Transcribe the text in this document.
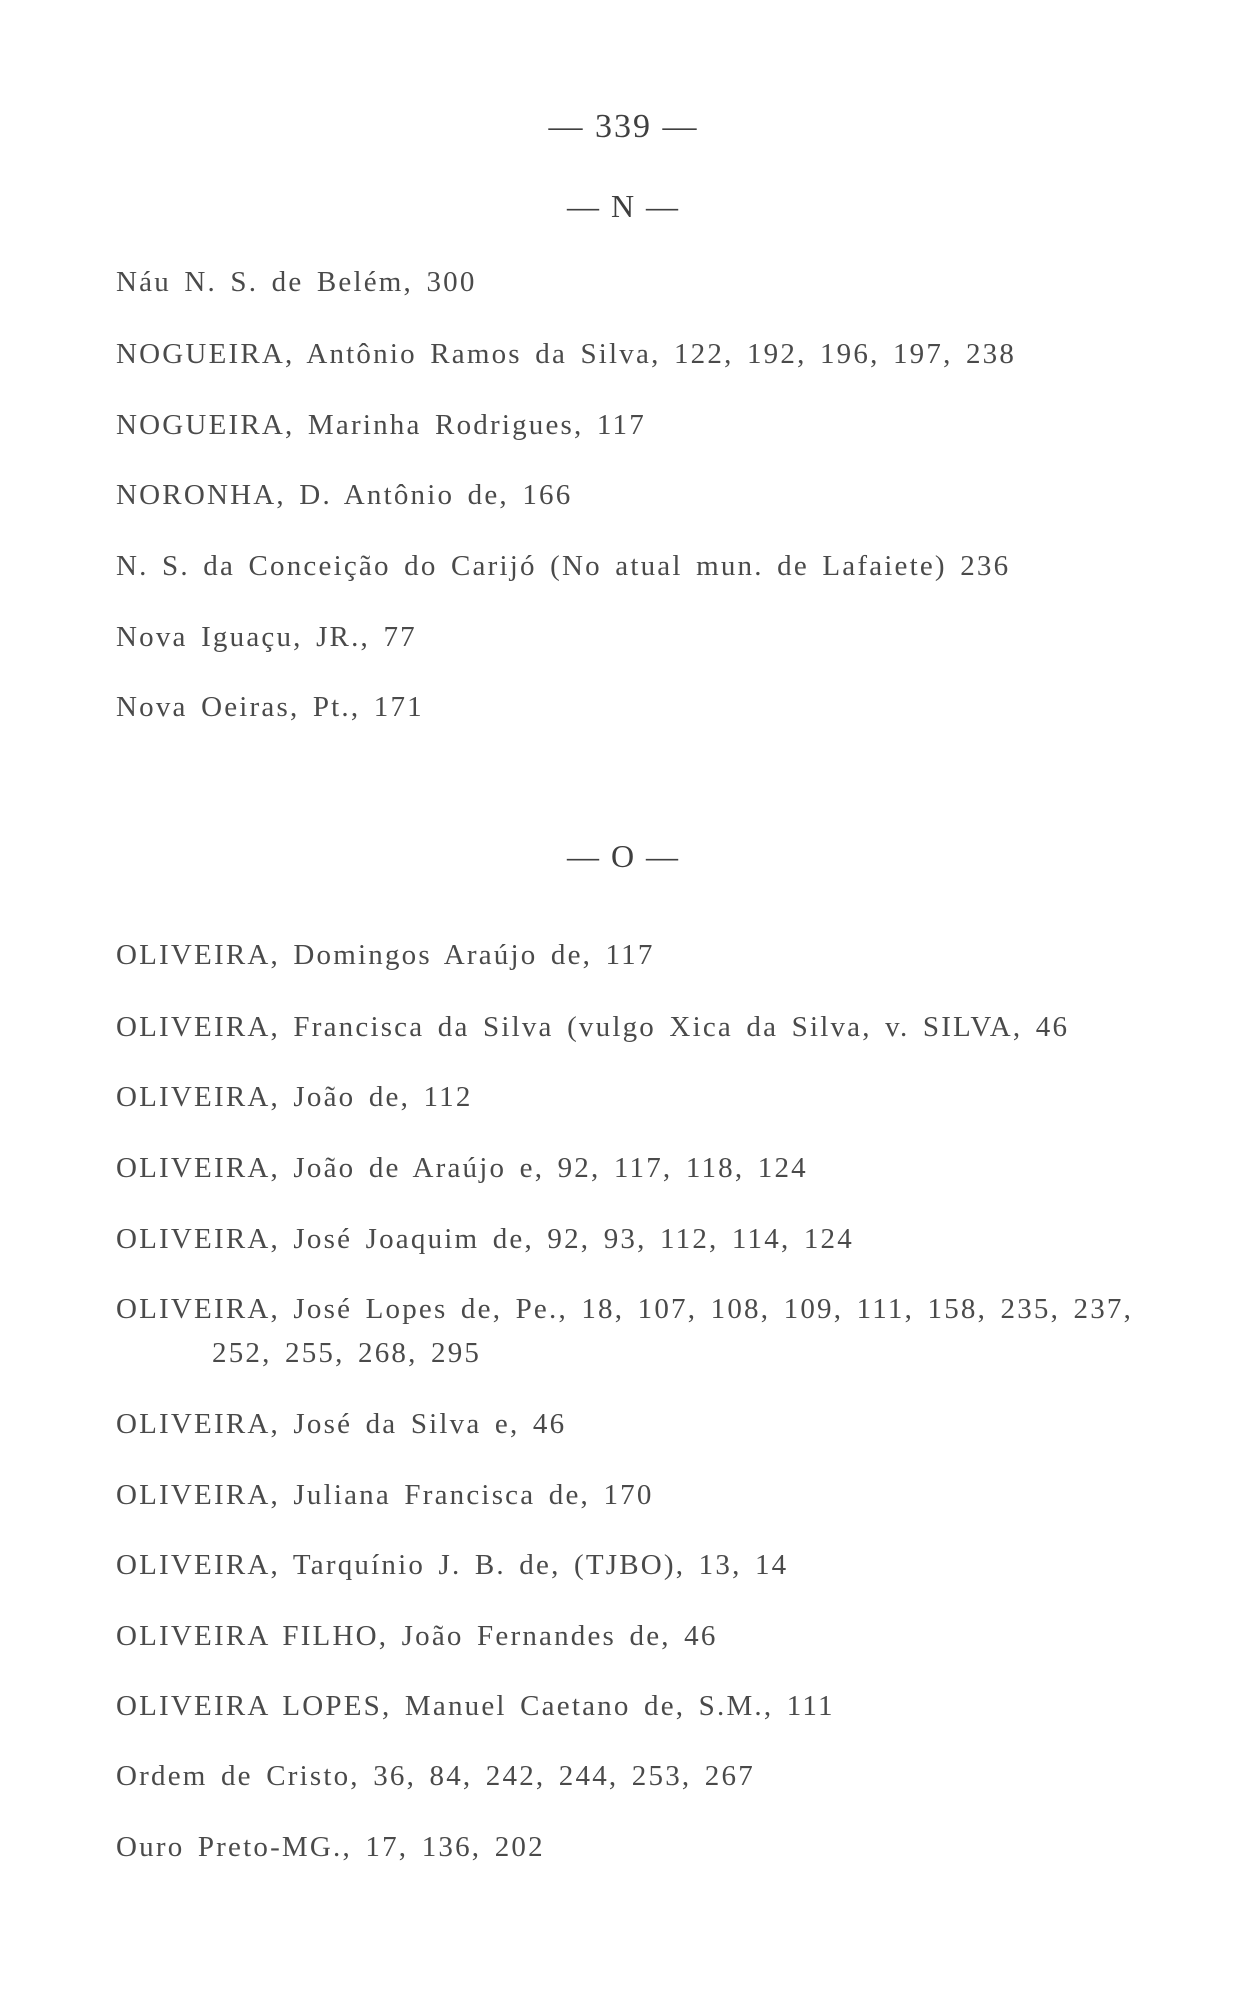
— 339 —
— N —
Náu N. S. de Belém, 300
NOGUEIRA, Antônio Ramos da Silva, 122, 192, 196, 197, 238
NOGUEIRA, Marinha Rodrigues, 117
NORONHA, D. Antônio de, 166
N. S. da Conceição do Carijó (No atual mun. de Lafaiete) 236
Nova Iguaçu, JR., 77
Nova Oeiras, Pt., 171
— O —
OLIVEIRA, Domingos Araújo de, 117
OLIVEIRA, Francisca da Silva (vulgo Xica da Silva, v. SILVA, 46
OLIVEIRA, João de, 112
OLIVEIRA, João de Araújo e, 92, 117, 118, 124
OLIVEIRA, José Joaquim de, 92, 93, 112, 114, 124
OLIVEIRA, José Lopes de, Pe., 18, 107, 108, 109, 111, 158, 235, 237,
252, 255, 268, 295
OLIVEIRA, José da Silva e, 46
OLIVEIRA, Juliana Francisca de, 170
OLIVEIRA, Tarquínio J. B. de, (TJBO), 13, 14
OLIVEIRA FILHO, João Fernandes de, 46
OLIVEIRA LOPES, Manuel Caetano de, S.M., 111
Ordem de Cristo, 36, 84, 242, 244, 253, 267
Ouro Preto-MG., 17, 136, 202
